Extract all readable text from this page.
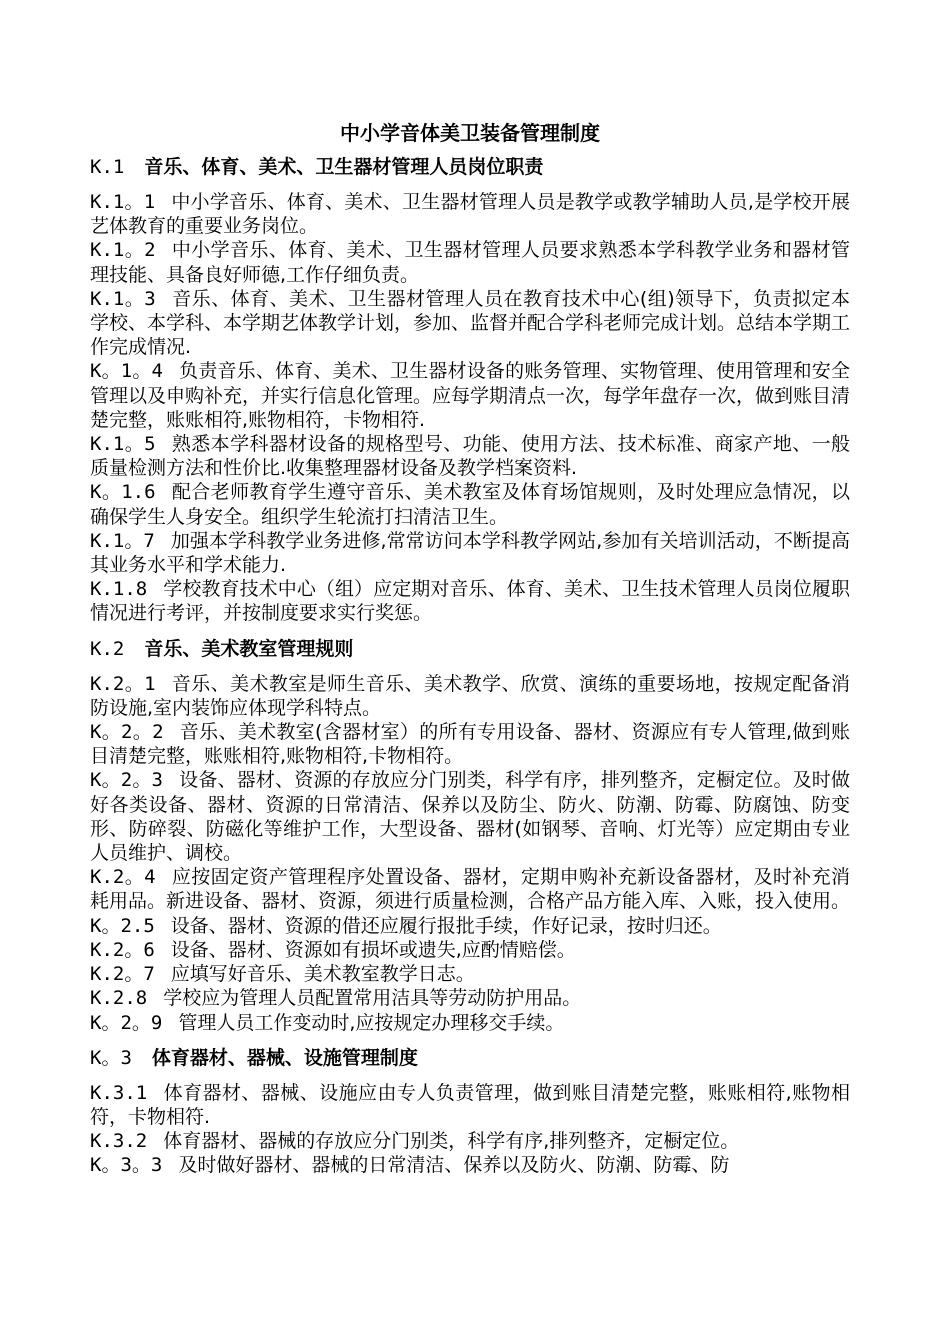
中小学音体美卫装备管理制度
K.1 音乐、体育、美术、卫生器材管理人员岗位职责

K.1。1 中小学音乐、体育、美术、卫生器材管理人员是教学或教学辅助人员,是学校开展艺体教育的重要业务岗位。

K.1。2 中小学音乐、体育、美术、卫生器材管理人员要求熟悉本学科教学业务和器材管理技能、具备良好师德,工作仔细负责。

K.1。3 音乐、体育、美术、卫生器材管理人员在教育技术中心(组)领导下，负责拟定本学校、本学科、本学期艺体教学计划，参加、监督并配合学科老师完成计划。总结本学期工作完成情况.

K。1。4 负责音乐、体育、美术、卫生器材设备的账务管理、实物管理、使用管理和安全管理以及申购补充，并实行信息化管理。应每学期清点一次，每学年盘存一次，做到账目清楚完整，账账相符,账物相符，卡物相符.

K.1。5 熟悉本学科器材设备的规格型号、功能、使用方法、技术标准、商家产地、一般质量检测方法和性价比.收集整理器材设备及教学档案资料.

K。1.6 配合老师教育学生遵守音乐、美术教室及体育场馆规则，及时处理应急情况，以确保学生人身安全。组织学生轮流打扫清洁卫生。

K.1。7 加强本学科教学业务进修,常常访问本学科教学网站,参加有关培训活动，不断提高其业务水平和学术能力.

K.1.8 学校教育技术中心（组）应定期对音乐、体育、美术、卫生技术管理人员岗位履职情况进行考评，并按制度要求实行奖惩。

K.2 音乐、美术教室管理规则

K.2。1 音乐、美术教室是师生音乐、美术教学、欣赏、演练的重要场地，按规定配备消防设施,室内装饰应体现学科特点。

K。2。2 音乐、美术教室(含器材室）的所有专用设备、器材、资源应有专人管理,做到账目清楚完整，账账相符,账物相符,卡物相符。

K。2。3 设备、器材、资源的存放应分门别类，科学有序，排列整齐，定橱定位。及时做好各类设备、器材、资源的日常清洁、保养以及防尘、防火、防潮、防霉、防腐蚀、防变形、防碎裂、防磁化等维护工作，大型设备、器材(如钢琴、音响、灯光等）应定期由专业人员维护、调校。

K.2。4 应按固定资产管理程序处置设备、器材，定期申购补充新设备器材，及时补充消耗用品。新进设备、器材、资源，须进行质量检测，合格产品方能入库、入账，投入使用。

K。2.5 设备、器材、资源的借还应履行报批手续，作好记录，按时归还。

K.2。6 设备、器材、资源如有损坏或遗失,应酌情赔偿。

K.2。7 应填写好音乐、美术教室教学日志。

K.2.8 学校应为管理人员配置常用洁具等劳动防护用品。

K。2。9 管理人员工作变动时,应按规定办理移交手续。

K。3 体育器材、器械、设施管理制度

K.3.1 体育器材、器械、设施应由专人负责管理，做到账目清楚完整，账账相符,账物相符，卡物相符.

K.3.2 体育器材、器械的存放应分门别类，科学有序,排列整齐，定橱定位。

K。3。3 及时做好器材、器械的日常清洁、保养以及防火、防潮、防霉、防
